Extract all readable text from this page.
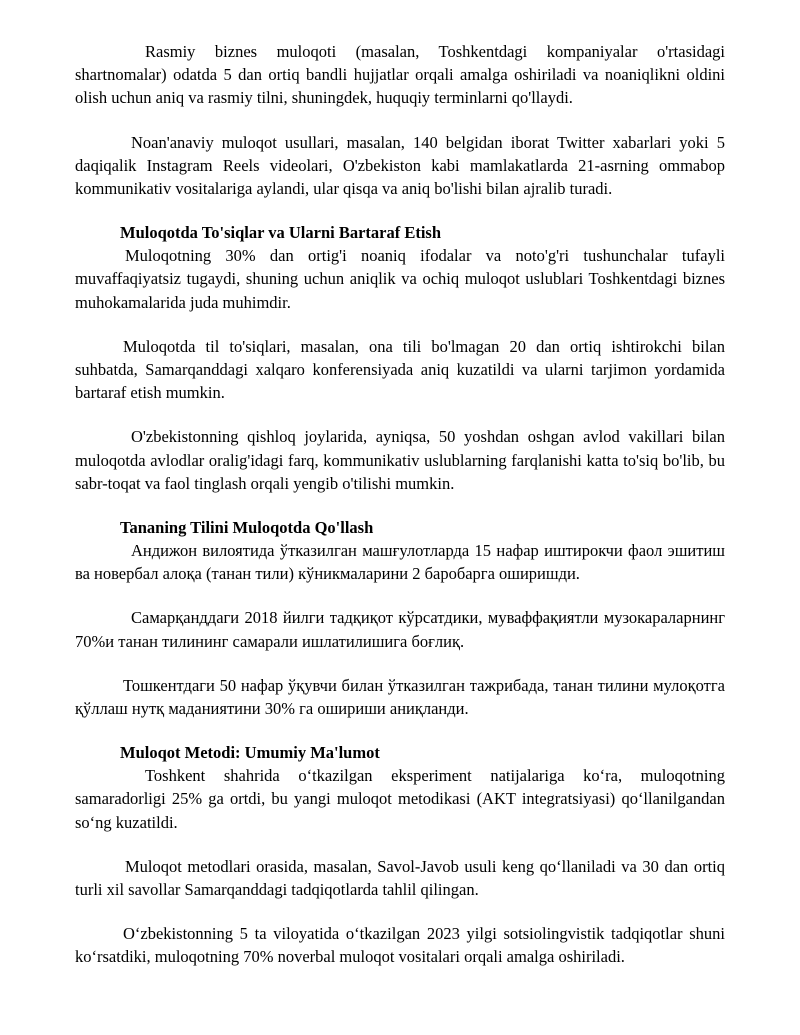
Rasmiy biznes muloqoti (masalan, Toshkentdagi kompaniyalar o'rtasidagi shartnomalar) odatda 5 dan ortiq bandli hujjatlar orqali amalga oshiriladi va noaniqlikni oldini olish uchun aniq va rasmiy tilni, shuningdek, huquqiy terminlarni qo'llaydi.

Noan'anaviy muloqot usullari, masalan, 140 belgidan iborat Twitter xabarlari yoki 5 daqiqalik Instagram Reels videolari, O'zbekiston kabi mamlakatlarda 21-asrning ommabop kommunikativ vositalariga aylandi, ular qisqa va aniq bo'lishi bilan ajralib turadi.

Muloqotda To'siqlar va Ularni Bartaraf Etish

Muloqotning 30% dan ortig'i noaniq ifodalar va noto'g'ri tushunchalar tufayli muvaffaqiyatsiz tugaydi, shuning uchun aniqlik va ochiq muloqot uslublari Toshkentdagi biznes muhokamalarida juda muhimdir.

Muloqotda til to'siqlari, masalan, ona tili bo'lmagan 20 dan ortiq ishtirokchi bilan suhbatda, Samarqanddagi xalqaro konferensiyada aniq kuzatildi va ularni tarjimon yordamida bartaraf etish mumkin.

O'zbekistonning qishloq joylarida, ayniqsa, 50 yoshdan oshgan avlod vakillari bilan muloqotda avlodlar oralig'idagi farq, kommunikativ uslublarning farqlanishi katta to'siq bo'lib, bu sabr-toqat va faol tinglash orqali yengib o'tilishi mumkin.

Tananing Tilini Muloqotda Qo'llash

Андижон вилоятида ўтказилган машғулотларда 15 нафар иштирокчи фаол эшитиш ва новербал алоқа (танан тили) кўникмаларини 2 баробарга оширишди.

Самарқанддаги 2018 йилги тадқиқот кўрсатдики, муваффақиятли музокараларнинг 70%и танан тилининг самарали ишлатилишига боғлиқ.

Тошкентдаги 50 нафар ўқувчи билан ўтказилган тажрибада, танан тилини мулоқотга қўллаш нутқ маданиятини 30% га ошириши аниқланди.

Muloqot Metodi: Umumiy Ma'lumot

Toshkent shahrida o‘tkazilgan eksperiment natijalariga ko‘ra, muloqotning samaradorligi 25% ga ortdi, bu yangi muloqot metodikasi (AKT integratsiyasi) qo‘llanilgandan so‘ng kuzatildi.

Muloqot metodlari orasida, masalan, Savol-Javob usuli keng qo‘llaniladi va 30 dan ortiq turli xil savollar Samarqanddagi tadqiqotlarda tahlil qilingan.

O‘zbekistonning 5 ta viloyatida o‘tkazilgan 2023 yilgi sotsiolingvistik tadqiqotlar shuni ko‘rsatdiki, muloqotning 70% noverbal muloqot vositalari orqali amalga oshiriladi.
